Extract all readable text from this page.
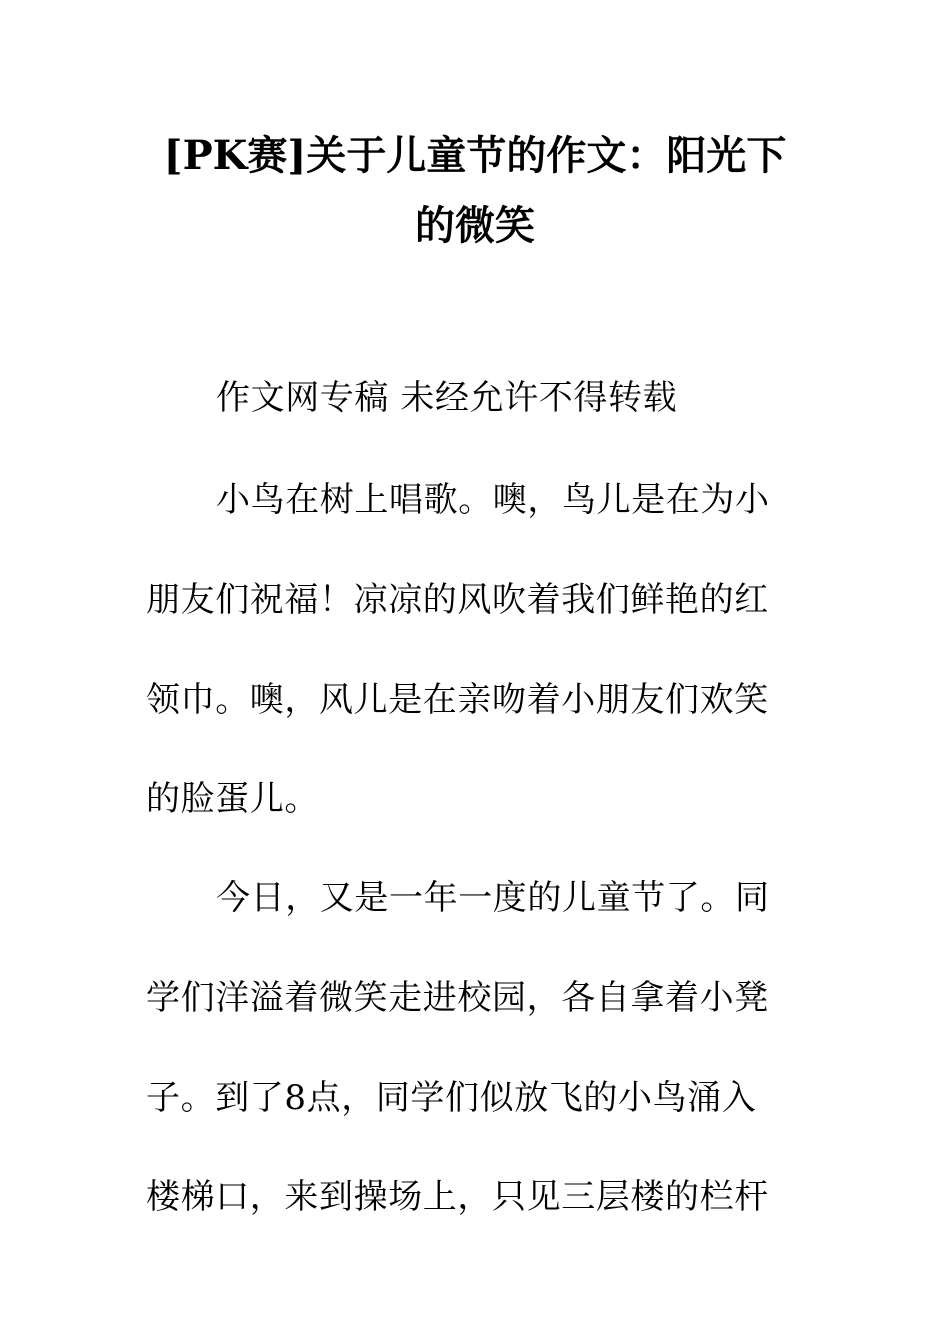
[PK赛]关于儿童节的作文：阳光下
的微笑

作文网专稿 未经允许不得转载

小鸟在树上唱歌。噢，鸟儿是在为小

朋友们祝福！凉凉的风吹着我们鲜艳的红

领巾。噢，风儿是在亲吻着小朋友们欢笑

的脸蛋儿。

今日，又是一年一度的儿童节了。同

学们洋溢着微笑走进校园，各自拿着小凳

子。到了8点，同学们似放飞的小鸟涌入

楼梯口，来到操场上，只见三层楼的栏杆
